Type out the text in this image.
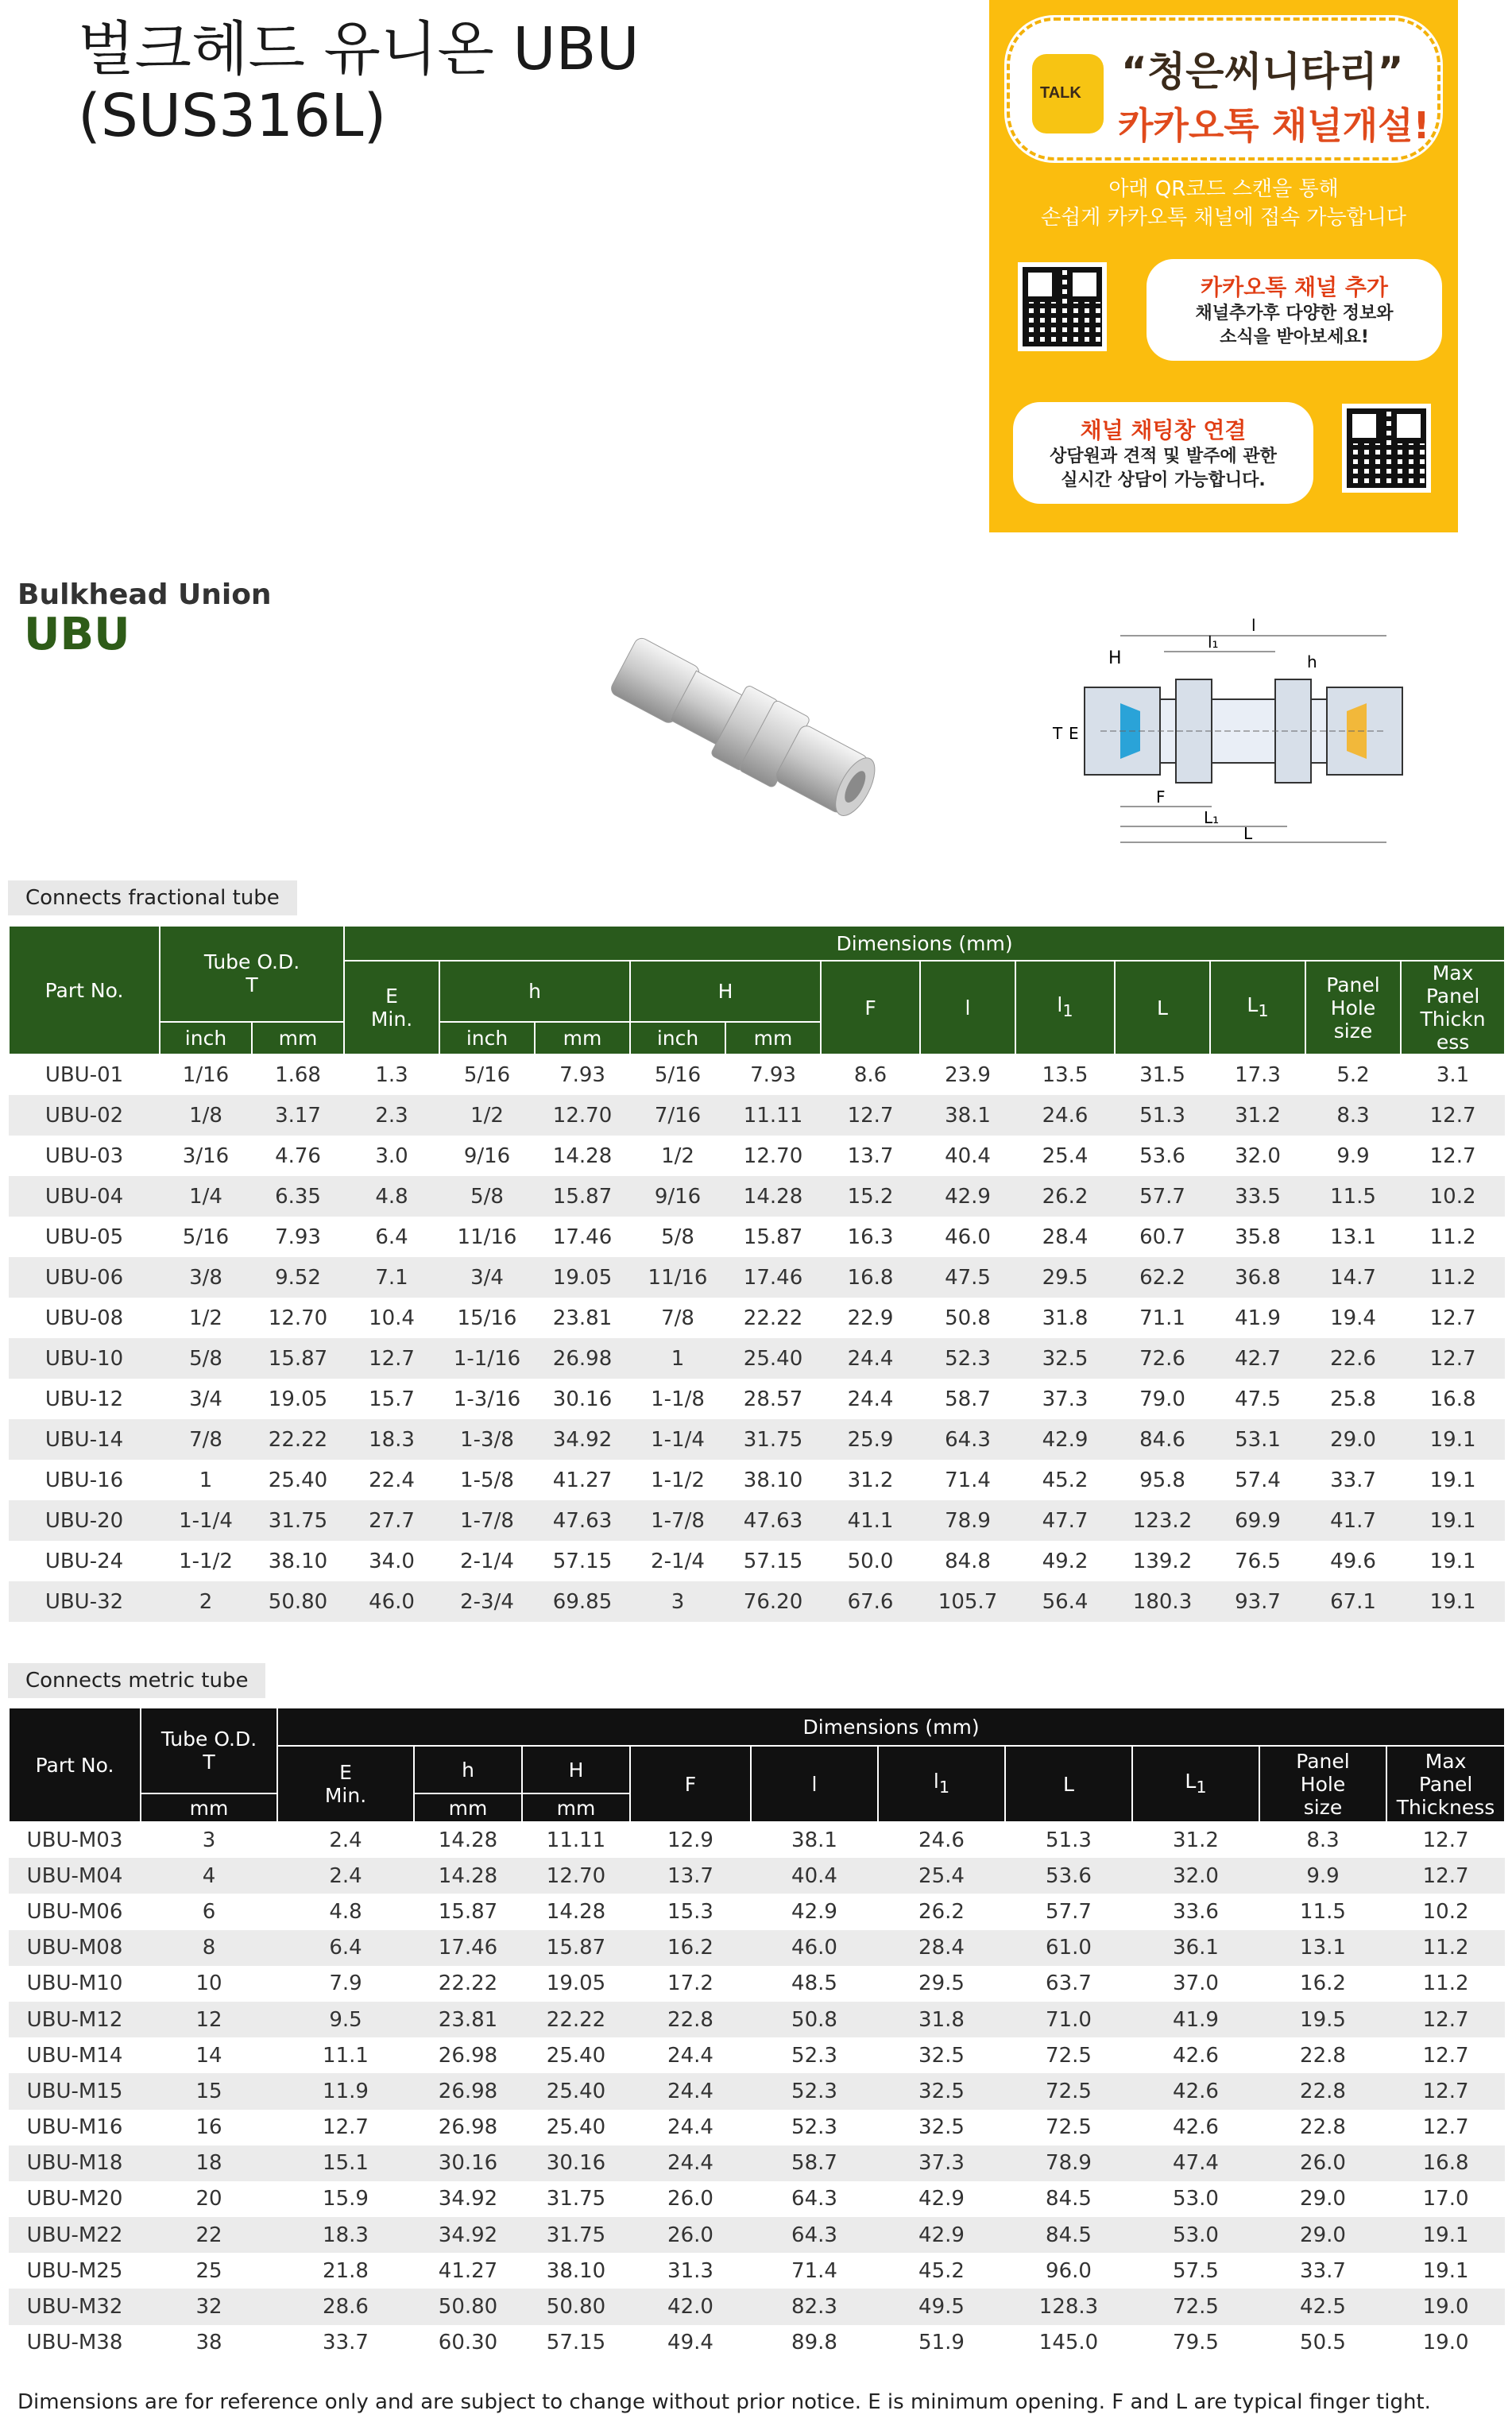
벌크헤드 유니온 UBU
(SUS316L)	TALK “청은씨니타리”
카카오톡 채널개설!
아래 QR코드 스캔을 통해
손쉽게 카카오톡 채널에 접속 가능합니다
카카오톡 채널 추가
채널추가후 다양한 정보와
소식을 받아보세요!
채널 채팅창 연결
상담원과 견적 및 발주에 관한
실시간 상담이 가능합니다.
Bulkhead Union
UBU	H
l₁
h
l
T E
F
L₁
L
Connects fractional tube
Part No.	Tube O.D.
T		Dimensions (mm)											
			E
Min.	h		H		F	l	$l_1$	L	$L_1$	Panel
Hole
size	Max
Panel
Thickn
ess
	inch	mm		inch	mm	inch	mm							
UBU-01	1/16	1.68	1.3	5/16	7.93	5/16	7.93	8.6	23.9	13.5	31.5	17.3	5.2	3.1
UBU-02	1/8	3.17	2.3	1/2	12.70	7/16	11.11	12.7	38.1	24.6	51.3	31.2	8.3	12.7
UBU-03	3/16	4.76	3.0	9/16	14.28	1/2	12.70	13.7	40.4	25.4	53.6	32.0	9.9	12.7
UBU-04	1/4	6.35	4.8	5/8	15.87	9/16	14.28	15.2	42.9	26.2	57.7	33.5	11.5	10.2
UBU-05	5/16	7.93	6.4	11/16	17.46	5/8	15.87	16.3	46.0	28.4	60.7	35.8	13.1	11.2
UBU-06	3/8	9.52	7.1	3/4	19.05	11/16	17.46	16.8	47.5	29.5	62.2	36.8	14.7	11.2
UBU-08	1/2	12.70	10.4	15/16	23.81	7/8	22.22	22.9	50.8	31.8	71.1	41.9	19.4	12.7
UBU-10	5/8	15.87	12.7	1-1/16	26.98	1	25.40	24.4	52.3	32.5	72.6	42.7	22.6	12.7
UBU-12	3/4	19.05	15.7	1-3/16	30.16	1-1/8	28.57	24.4	58.7	37.3	79.0	47.5	25.8	16.8
UBU-14	7/8	22.22	18.3	1-3/8	34.92	1-1/4	31.75	25.9	64.3	42.9	84.6	53.1	29.0	19.1
UBU-16	1	25.40	22.4	1-5/8	41.27	1-1/2	38.10	31.2	71.4	45.2	95.8	57.4	33.7	19.1
UBU-20	1-1/4	31.75	27.7	1-7/8	47.63	1-7/8	47.63	41.1	78.9	47.7	123.2	69.9	41.7	19.1
UBU-24	1-1/2	38.10	34.0	2-1/4	57.15	2-1/4	57.15	50.0	84.8	49.2	139.2	76.5	49.6	19.1
UBU-32	2	50.80	46.0	2-3/4	69.85	3	76.20	67.6	105.7	56.4	180.3	93.7	67.1	19.1
Connects metric tube
Part No.	Tube O.D.
T	Dimensions (mm)									
		E
Min.	h	H	F	l	$l_1$	L	$L_1$	Panel
Hole
size	Max
Panel
Thickness
	mm		mm	mm							
UBU-M03	3	2.4	14.28	11.11	12.9	38.1	24.6	51.3	31.2	8.3	12.7
UBU-M04	4	2.4	14.28	12.70	13.7	40.4	25.4	53.6	32.0	9.9	12.7
UBU-M06	6	4.8	15.87	14.28	15.3	42.9	26.2	57.7	33.6	11.5	10.2
UBU-M08	8	6.4	17.46	15.87	16.2	46.0	28.4	61.0	36.1	13.1	11.2
UBU-M10	10	7.9	22.22	19.05	17.2	48.5	29.5	63.7	37.0	16.2	11.2
UBU-M12	12	9.5	23.81	22.22	22.8	50.8	31.8	71.0	41.9	19.5	12.7
UBU-M14	14	11.1	26.98	25.40	24.4	52.3	32.5	72.5	42.6	22.8	12.7
UBU-M15	15	11.9	26.98	25.40	24.4	52.3	32.5	72.5	42.6	22.8	12.7
UBU-M16	16	12.7	26.98	25.40	24.4	52.3	32.5	72.5	42.6	22.8	12.7
UBU-M18	18	15.1	30.16	30.16	24.4	58.7	37.3	78.9	47.4	26.0	16.8
UBU-M20	20	15.9	34.92	31.75	26.0	64.3	42.9	84.5	53.0	29.0	17.0
UBU-M22	22	18.3	34.92	31.75	26.0	64.3	42.9	84.5	53.0	29.0	19.1
UBU-M25	25	21.8	41.27	38.10	31.3	71.4	45.2	96.0	57.5	33.7	19.1
UBU-M32	32	28.6	50.80	50.80	42.0	82.3	49.5	128.3	72.5	42.5	19.0
UBU-M38	38	33.7	60.30	57.15	49.4	89.8	51.9	145.0	79.5	50.5	19.0
Dimensions are for reference only and are subject to change without prior notice. E is minimum opening. F and L are typical finger tight.
